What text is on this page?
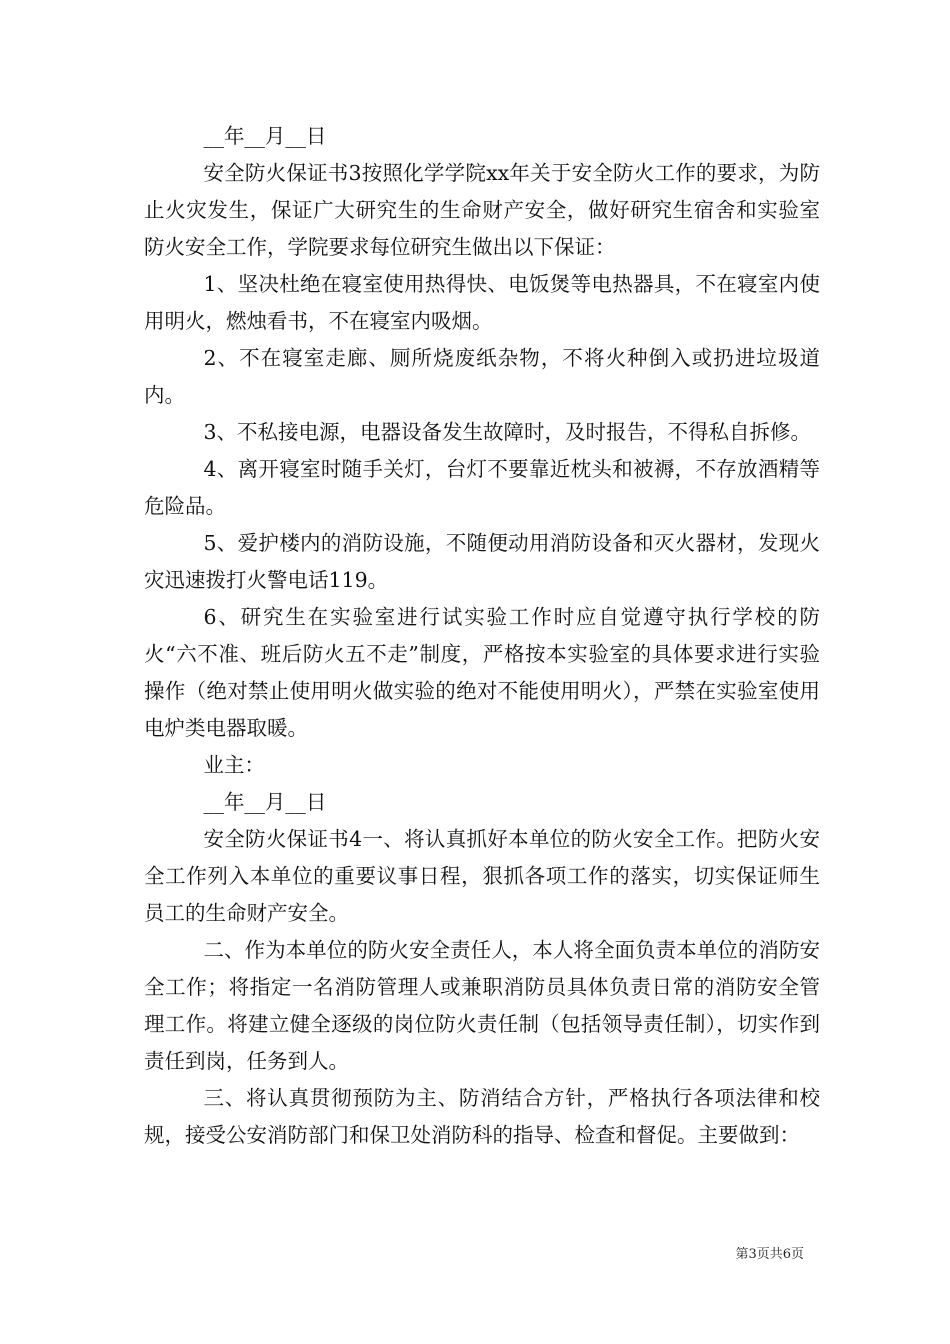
__年__月__日

安全防火保证书3按照化学学院xx年关于安全防火工作的要求，为防止火灾发生，保证广大研究生的生命财产安全，做好研究生宿舍和实验室防火安全工作，学院要求每位研究生做出以下保证：

1、坚决杜绝在寝室使用热得快、电饭煲等电热器具，不在寝室内使用明火，燃烛看书，不在寝室内吸烟。

2、不在寝室走廊、厕所烧废纸杂物，不将火种倒入或扔进垃圾道内。

3、不私接电源，电器设备发生故障时，及时报告，不得私自拆修。

4、离开寝室时随手关灯，台灯不要靠近枕头和被褥，不存放酒精等危险品。

5、爱护楼内的消防设施，不随便动用消防设备和灭火器材，发现火灾迅速拨打火警电话119。

6、研究生在实验室进行试实验工作时应自觉遵守执行学校的防火“六不准、班后防火五不走”制度，严格按本实验室的具体要求进行实验操作（绝对禁止使用明火做实验的绝对不能使用明火），严禁在实验室使用电炉类电器取暖。

业主：

__年__月__日

安全防火保证书4一、将认真抓好本单位的防火安全工作。把防火安全工作列入本单位的重要议事日程，狠抓各项工作的落实，切实保证师生员工的生命财产安全。

二、作为本单位的防火安全责任人，本人将全面负责本单位的消防安全工作；将指定一名消防管理人或兼职消防员具体负责日常的消防安全管理工作。将建立健全逐级的岗位防火责任制（包括领导责任制），切实作到责任到岗，任务到人。

三、将认真贯彻预防为主、防消结合方针，严格执行各项法律和校规，接受公安消防部门和保卫处消防科的指导、检查和督促。主要做到：

第3页共6页
